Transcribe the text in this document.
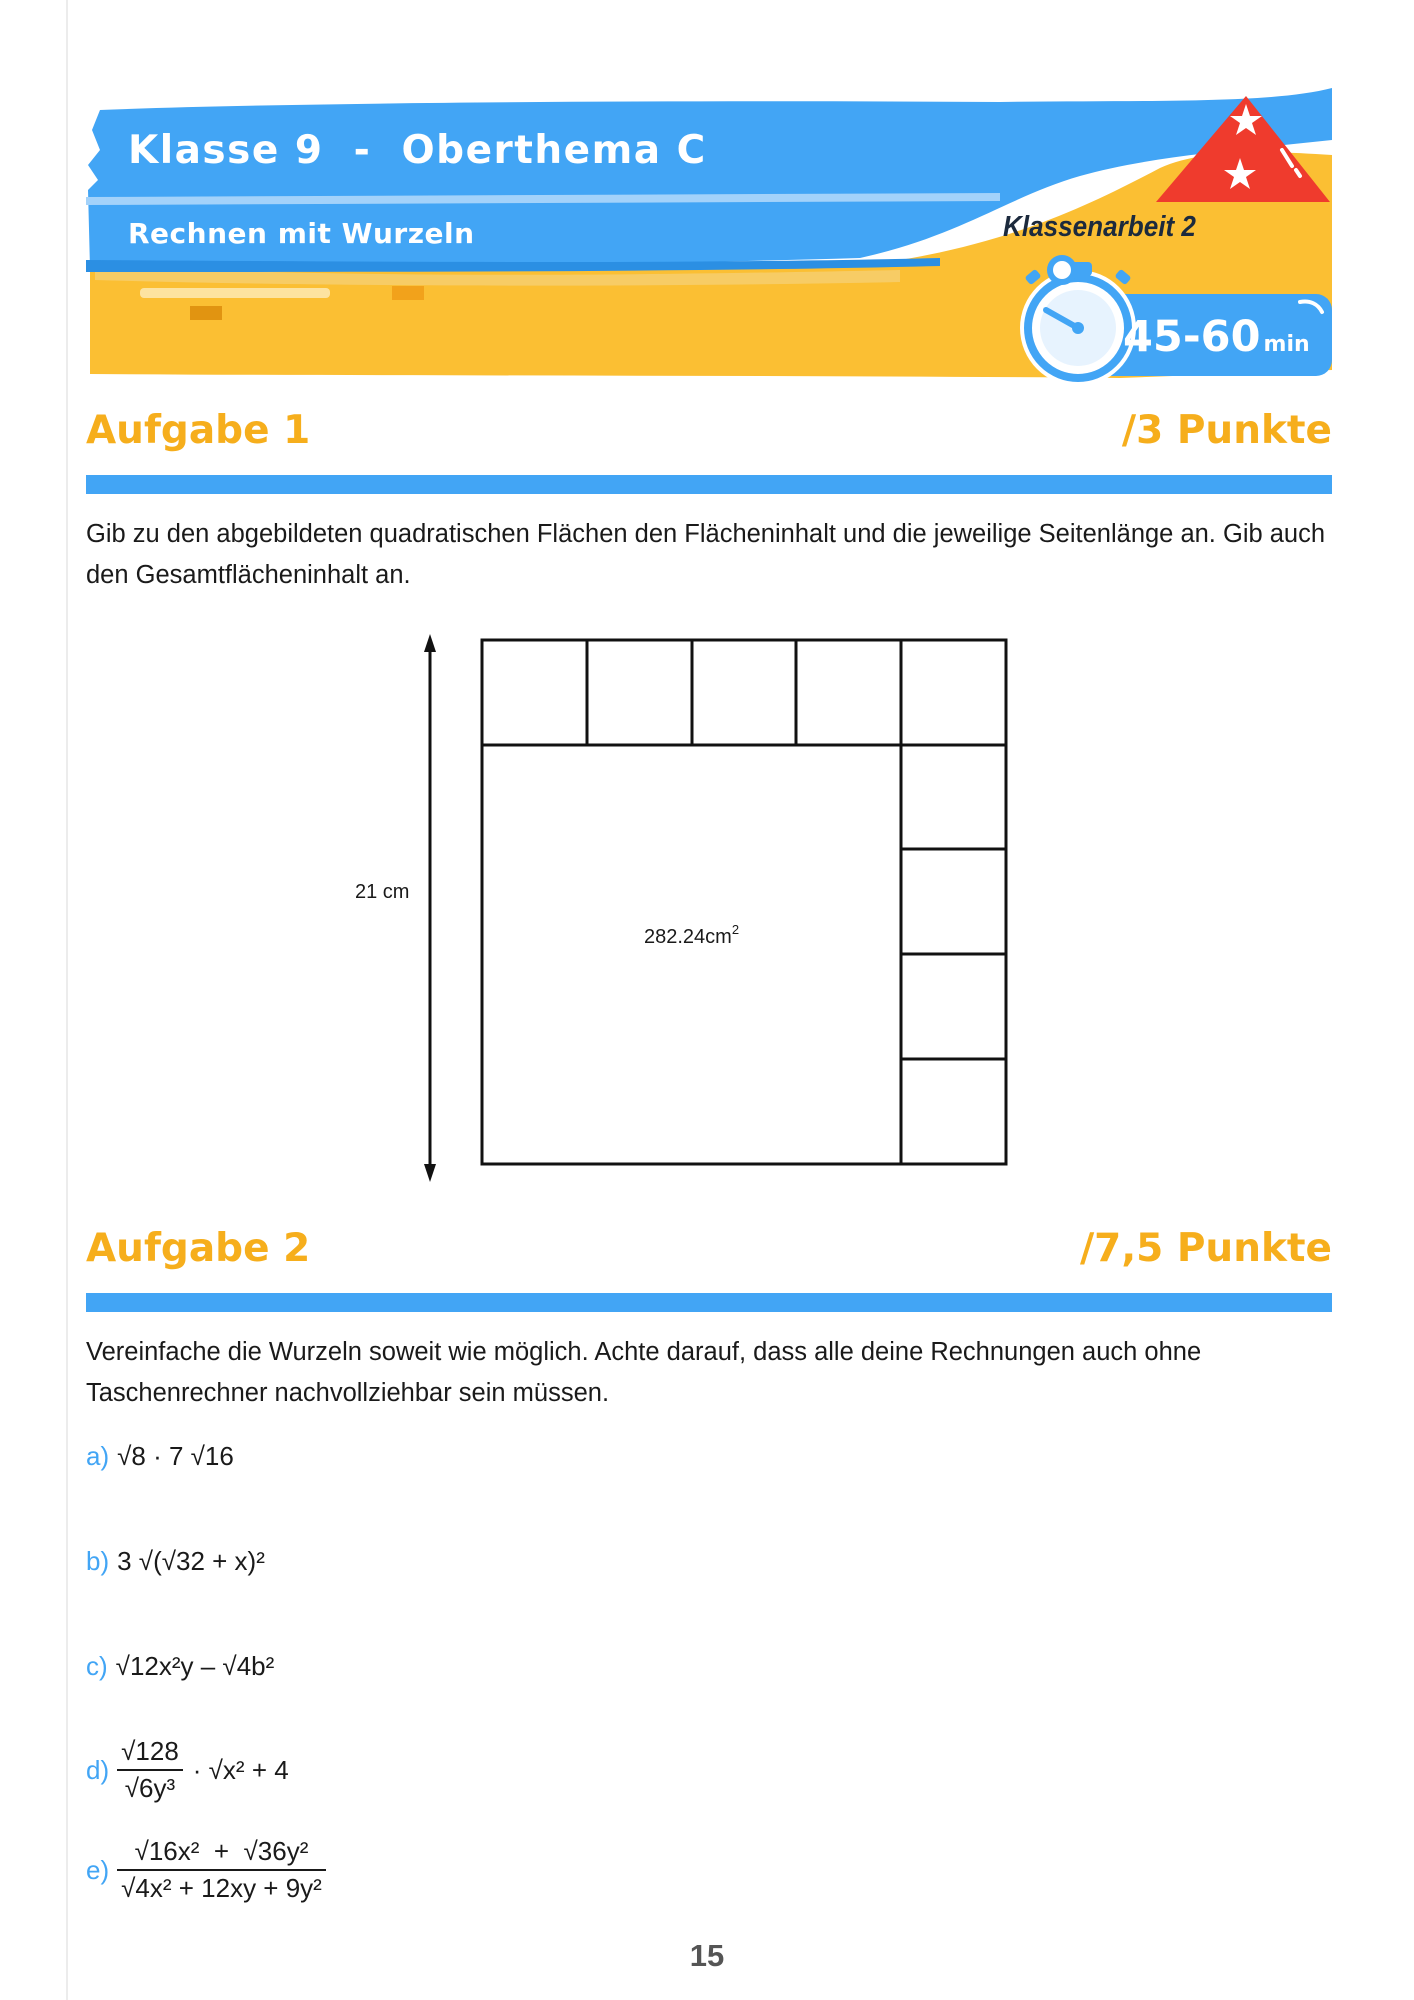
Klasse 9  -  Oberthema C
Rechnen mit Wurzeln	Klassenarbeit 2
45-60 min
Aufgabe 1	/3 Punkte
Gib zu den abgebildeten quadratischen Flächen den Flächeninhalt und die jeweilige Seitenlänge an. Gib auch den Gesamtflächeninhalt an.
21 cm
$282.24cm^2$
Aufgabe 2	/7,5 Punkte
Vereinfache die Wurzeln soweit wie möglich. Achte darauf, dass alle deine Rechnungen auch ohne Taschenrechner nachvollziehbar sein müssen.
a) √8 · 7 √16
b) 3 √(√32 + x)²
c) √12x²y – √4b²
d)
√128
√6y³
· √x² + 4
e)
√16x²  +  √36y²
√4x² + 12xy + 9y²
15
